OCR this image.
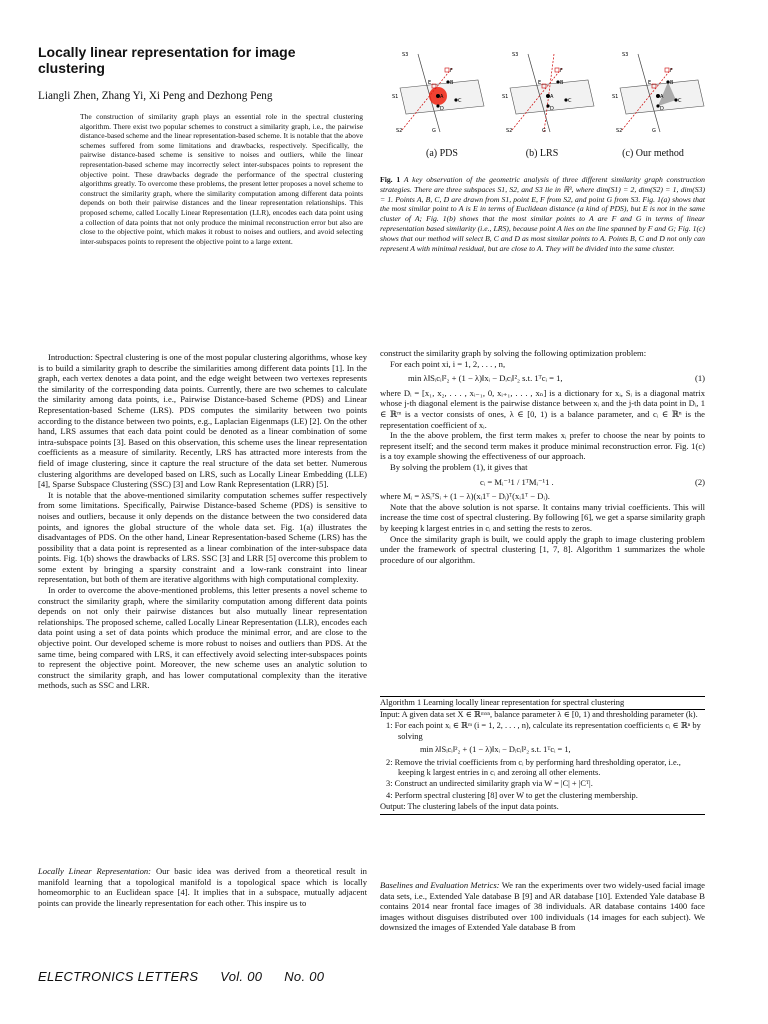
Locally linear representation for image clustering
Liangli Zhen, Zhang Yi, Xi Peng and Dezhong Peng
The construction of similarity graph plays an essential role in the spectral clustering algorithm. There exist two popular schemes to construct a similarity graph, i.e., the pairwise distance-based scheme and the linear representation-based scheme. It is notable that the above schemes suffered from some limitations and drawbacks, respectively. Specifically, the pairwise distance-based scheme is sensitive to noises and outliers, while the linear representation-based scheme may incorrectly select inter-subspaces points to represent the objective point. These drawbacks degrade the performance of the spectral clustering algorithms greatly. To overcome these problems, the present letter proposes a novel scheme to construct the similarity graph, where the similarity computation among different data points depends on both their pairwise distances and the linear representation relationships. This proposed scheme, called Locally Linear Representation (LLR), encodes each data point using a collection of data points that not only produce the minimal reconstruction error but also are close to the objective point, which makes it robust to noises and outliers, and avoid selecting inter-subspaces points to represent the objective point to a large extent.
S3
S1
S2
F
E	B
A
C
D
G
S3
S1
S2
F
E	B
A
C
D
G
S3
S1
S2
F
E	B
A
C
D
G
(a) PDS	(b) LRS	(c) Our method
Fig. 1 A key observation of the geometric analysis of three different similarity graph construction strategies. There are three subspaces S1, S2, and S3 lie in ℝ³, where dim(S1) = 2, dim(S2) = 1, dim(S3) = 1. Points A, B, C, D are drawn from S1, point E, F from S2, and point G from S3. Fig. 1(a) shows that the most similar point to A is E in terms of Euclidean distance (a kind of PDS), but E is not in the same cluster of A; Fig. 1(b) shows that the most similar points to A are F and G in terms of linear representation based similarity (i.e., LRS), because point A lies on the line spanned by F and G; Fig. 1(c) shows that our method will select B, C and D as most similar points to A. Points B, C and D not only can represent A with minimal residual, but are close to A. They will be divided into the same cluster.

Introduction: Spectral clustering is one of the most popular clustering algorithms, whose key is to build a similarity graph to describe the similarities among different data points [1]. In the graph, each vertex denotes a data point, and the edge weight between two vertexes represents the similarity of the corresponding data points. Currently, there are two schemes to calculate the similarity among data points, i.e., Pairwise Distance-based Scheme (PDS) and Linear Representation-based Scheme (LRS). PDS computes the similarity between two points according to the distance between two points, e.g., Laplacian Eigenmaps (LE) [2]. On the other hand, LRS assumes that each data point could be denoted as a linear combination of some intra-subspace points [3]. Based on this observation, this scheme uses the linear representation coefficients as a measure of similarity. Recently, LRS has attracted more interests from the field of image clustering, since it capture the real structure of the data set better. Numerous clustering algorithms are developed based on LRS, such as Locally Linear Embedding (LLE) [4], Sparse Subspace Clustering (SSC) [3] and Low Rank Representation (LRR) [5].

It is notable that the above-mentioned similarity computation schemes suffer respectively from some limitations. Specifically, Pairwise Distance-based Scheme (PDS) is sensitive to noises and outliers, because it only depends on the distance between the two considered data points, and ignores the global structure of the whole data set. Fig. 1(a) illustrates the disadvantages of PDS. On the other hand, Linear Representation-based Scheme (LRS) has the possibility that a data point is represented as a linear combination of the inter-subspace data points. Fig. 1(b) shows the drawbacks of LRS. SSC [3] and LRR [5] overcome this problem to some extent by bringing a sparsity constraint and a low-rank constraint into linear representation, but both of them are iterative algorithms with high computational complexity.

In order to overcome the above-mentioned problems, this letter presents a novel scheme to construct the similarity graph, where the similarity computation among different data points depends on not only their pairwise distances but also mutually linear representation relationships. The proposed scheme, called Locally Linear Representation (LLR), encodes each data point using a set of data points which produce the minimal error, and are close to the objective point. Our developed scheme is more robust to noises and outliers than PDS. At the same time, being compared with LRS, it can effectively avoid selecting inter-subspaces points to represent the objective point. Moreover, the new scheme uses an analytic solution to construct the similarity graph, and has lower computational complexity than the iterative methods, such as SSC and LRR.

Locally Linear Representation: Our basic idea was derived from a theoretical result in manifold learning that a topological manifold is a topological space which is locally homeomorphic to an Euclidean space [4]. It implies that in a subspace, mutually adjacent points can provide the linearly representation for each other. This inspire us to

construct the similarity graph by solving the following optimization problem:

For each point xi, i = 1, 2, . . . , n,

min λ‖Sᵢcᵢ‖²₂ + (1 − λ)‖xᵢ − Dᵢcᵢ‖²₂ s.t. 1ᵀcᵢ = 1,	(1)

where Dᵢ = [x₁, x₂, . . . , xᵢ₋₁, 0, xᵢ₊₁, . . . , xₙ] is a dictionary for xᵢ, Sᵢ is a diagonal matrix whose j-th diagonal element is the pairwise distance between xᵢ and the j-th data point in Dᵢ, 1 ∈ ℝᵐ is a vector consists of ones, λ ∈ [0, 1) is a balance parameter, and cᵢ ∈ ℝⁿ is the representation coefficient of xᵢ.

In the the above problem, the first term makes xᵢ prefer to choose the near by points to represent itself; and the second term makes it produce minimal reconstruction error. Fig. 1(c) is a toy example showing the effectiveness of our approach.

By solving the problem (1), it gives that

cᵢ = Mᵢ⁻¹1 / 1ᵀMᵢ⁻¹1 .	(2)

where Mᵢ = λSᵢᵀSᵢ + (1 − λ)(xᵢ1ᵀ − Dᵢ)ᵀ(xᵢ1ᵀ − Dᵢ).

Note that the above solution is not sparse. It contains many trivial coefficients. This will increase the time cost of spectral clustering. By following [6], we get a sparse similarity graph by keeping k largest entries in cᵢ and setting the rests to zeros.

Once the similarity graph is built, we could apply the graph to image clustering problem under the framework of spectral clustering [1, 7, 8]. Algorithm 1 summarizes the whole procedure of our algorithm.

Algorithm 1 Learning locally linear representation for spectral clustering
Input: A given data set X ∈ ℝᵐˣⁿ, balance parameter λ ∈ [0, 1) and thresholding parameter (k).
1: For each point xᵢ ∈ ℝᵐ (i = 1, 2, . . . , n), calculate its representation coefficients cᵢ ∈ ℝⁿ by solving
min λ‖Sᵢcᵢ‖²₂ + (1 − λ)‖xᵢ − Dᵢcᵢ‖²₂ s.t. 1ᵀcᵢ = 1,
2: Remove the trivial coefficients from cᵢ by performing hard thresholding operator, i.e., keeping k largest entries in cᵢ and zeroing all other elements.
3: Construct an undirected similarity graph via W = |C| + |Cᵀ|.
4: Perform spectral clustering [8] over W to get the clustering membership.
Output: The clustering labels of the input data points.

Baselines and Evaluation Metrics: We ran the experiments over two widely-used facial image data sets, i.e., Extended Yale database B [9] and AR database [10]. Extended Yale database B contains 2014 near frontal face images of 38 individuals. AR database contains 1400 face images without disguises distributed over 100 individuals (14 images for each subject). We downsized the images of Extended Yale database B from

ELECTRONICS LETTERS Vol. 00 No. 00
